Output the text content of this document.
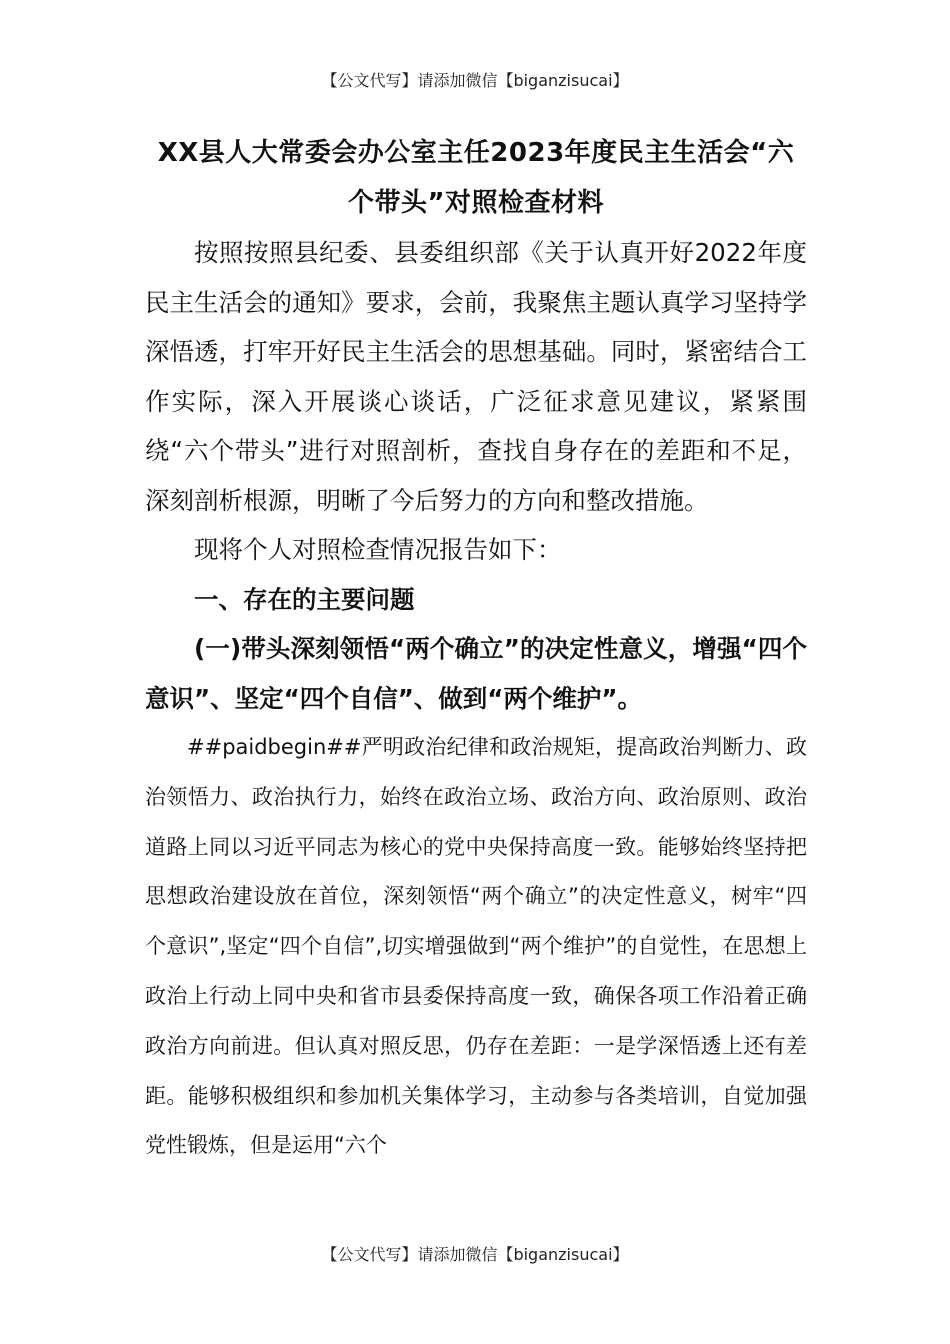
【公文代写】请添加微信【biganzisucai】
XX县人大常委会办公室主任2023年度民主生活会“六个带头”对照检查材料

按照按照县纪委、县委组织部《关于认真开好2022年度民主生活会的通知》要求，会前，我聚焦主题认真学习坚持学深悟透，打牢开好民主生活会的思想基础。同时，紧密结合工作实际，深入开展谈心谈话，广泛征求意见建议，紧紧围绕“六个带头”进行对照剖析，查找自身存在的差距和不足，深刻剖析根源，明晰了今后努力的方向和整改措施。

现将个人对照检查情况报告如下：

一、存在的主要问题

(一)带头深刻领悟“两个确立”的决定性意义，增强“四个意识”、坚定“四个自信”、做到“两个维护”。

##paidbegin##严明政治纪律和政治规矩，提高政治判断力、政治领悟力、政治执行力，始终在政治立场、政治方向、政治原则、政治道路上同以习近平同志为核心的党中央保持高度一致。能够始终坚持把思想政治建设放在首位，深刻领悟“两个确立”的决定性意义，树牢“四个意识”,坚定“四个自信”,切实增强做到“两个维护”的自觉性，在思想上政治上行动上同中央和省市县委保持高度一致，确保各项工作沿着正确政治方向前进。但认真对照反思，仍存在差距：一是学深悟透上还有差距。能够积极组织和参加机关集体学习，主动参与各类培训，自觉加强党性锻炼，但是运用“六个

【公文代写】请添加微信【biganzisucai】
